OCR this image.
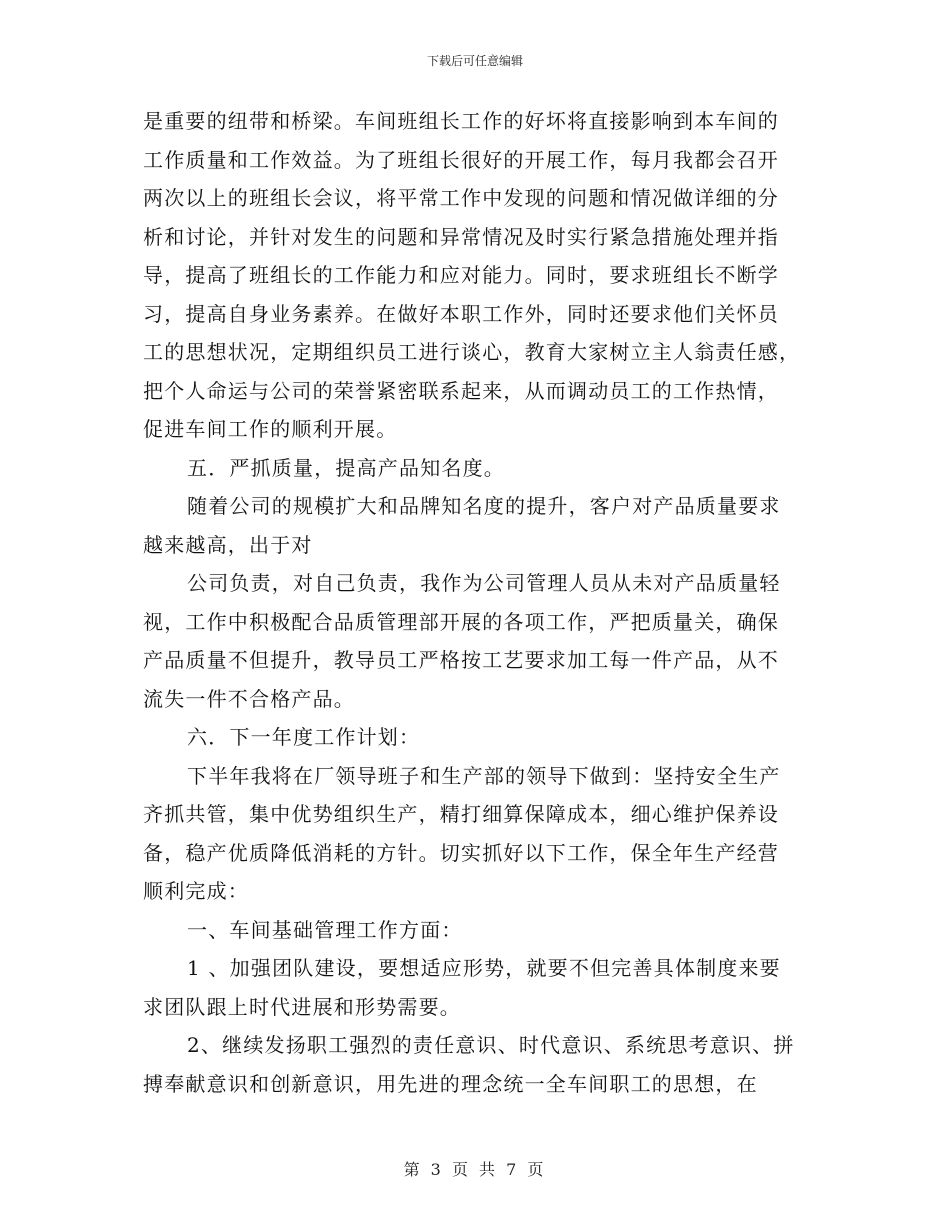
下载后可任意编辑

是重要的纽带和桥梁。车间班组长工作的好坏将直接影响到本车间的

工作质量和工作效益。为了班组长很好的开展工作，每月我都会召开

两次以上的班组长会议，将平常工作中发现的问题和情况做详细的分

析和讨论，并针对发生的问题和异常情况及时实行紧急措施处理并指

导，提高了班组长的工作能力和应对能力。同时，要求班组长不断学

习，提高自身业务素养。在做好本职工作外，同时还要求他们关怀员

工的思想状况，定期组织员工进行谈心，教育大家树立主人翁责任感，

把个人命运与公司的荣誉紧密联系起来，从而调动员工的工作热情，

促进车间工作的顺利开展。

五．严抓质量，提高产品知名度。

随着公司的规模扩大和品牌知名度的提升，客户对产品质量要求

越来越高，出于对

公司负责，对自己负责，我作为公司管理人员从未对产品质量轻

视，工作中积极配合品质管理部开展的各项工作，严把质量关，确保

产品质量不但提升，教导员工严格按工艺要求加工每一件产品，从不

流失一件不合格产品。

六．下一年度工作计划：

下半年我将在厂领导班子和生产部的领导下做到：坚持安全生产

齐抓共管，集中优势组织生产，精打细算保障成本，细心维护保养设

备，稳产优质降低消耗的方针。切实抓好以下工作，保全年生产经营

顺利完成：

一、车间基础管理工作方面：

1 、加强团队建设，要想适应形势，就要不但完善具体制度来要

求团队跟上时代进展和形势需要。

2、继续发扬职工强烈的责任意识、时代意识、系统思考意识、拼

搏奉献意识和创新意识，用先进的理念统一全车间职工的思想，在

第 3 页 共 7 页
